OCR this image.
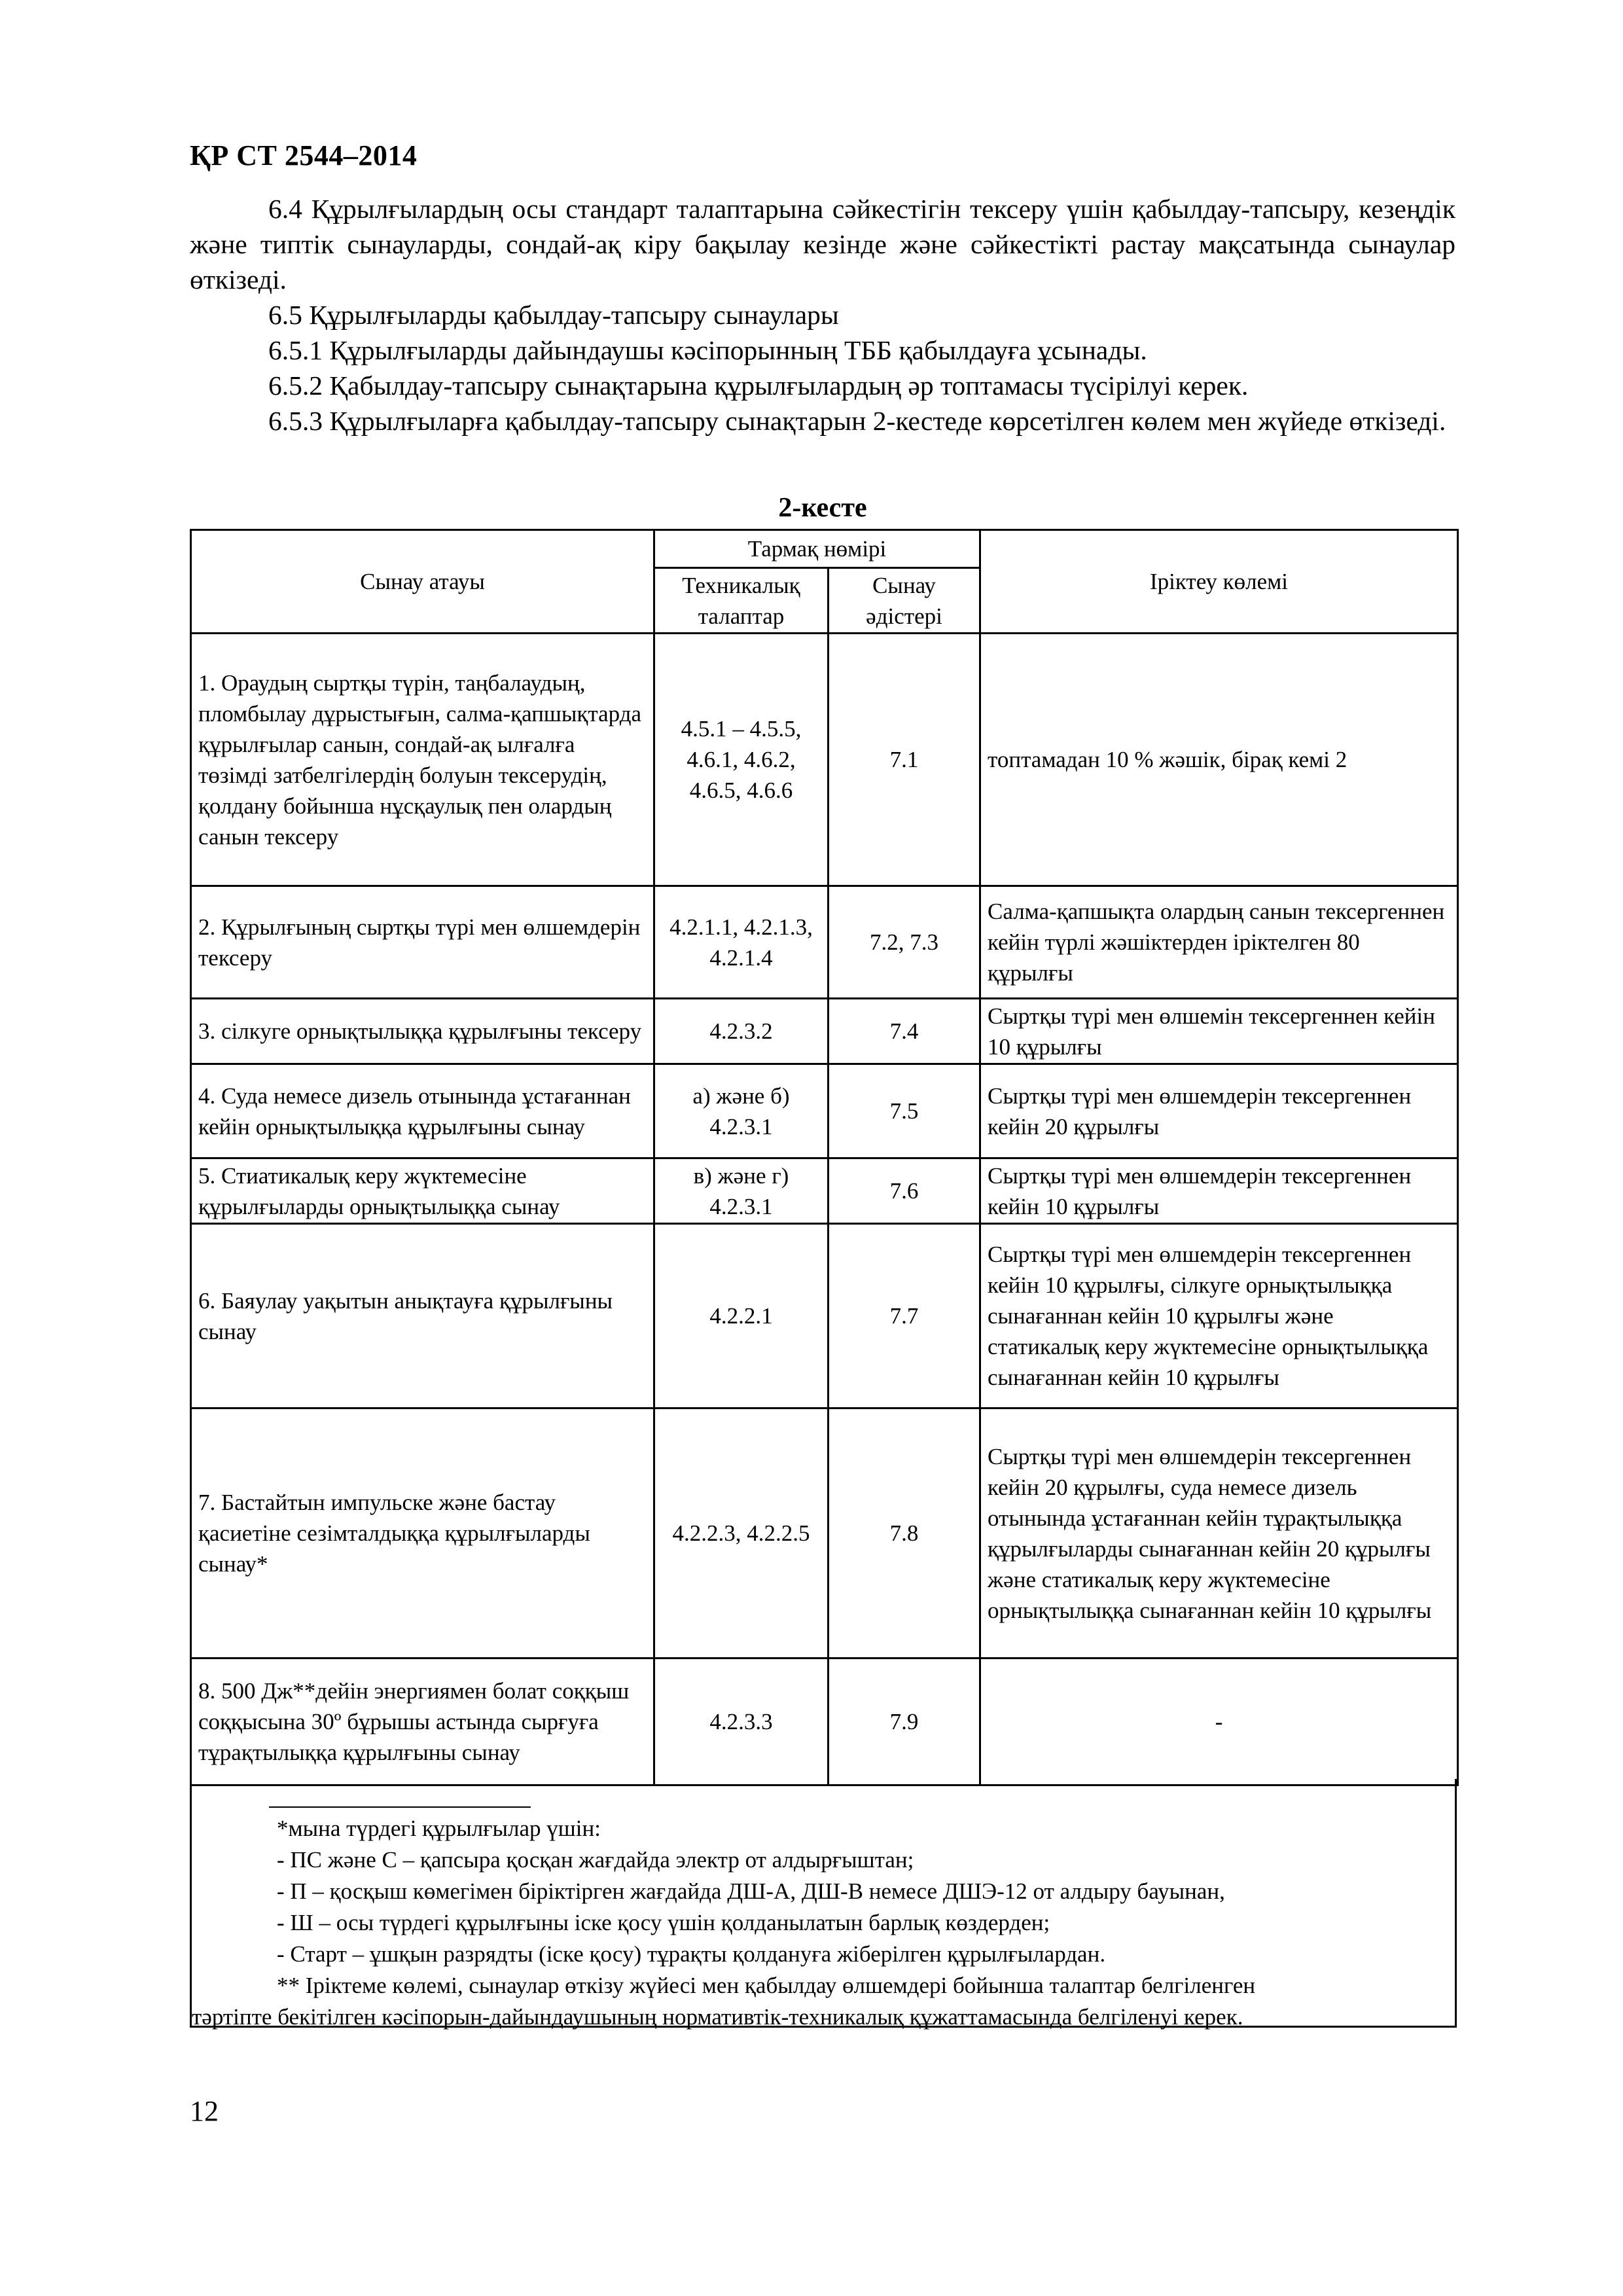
ҚР СТ 2544–2014

6.4 Құрылғылардың осы стандарт талаптарына сәйкестігін тексеру үшін қабылдау-тапсыру, кезеңдік және типтік сынауларды, сондай-ақ кіру бақылау кезінде және сәйкестікті растау мақсатында сынаулар өткізеді.

6.5 Құрылғыларды қабылдау-тапсыру сынаулары

6.5.1 Құрылғыларды дайындаушы кәсіпорынның ТББ қабылдауға ұсынады.

6.5.2 Қабылдау-тапсыру сынақтарына құрылғылардың әр топтамасы түсірілуі керек.

6.5.3 Құрылғыларға қабылдау-тапсыру сынақтарын 2-кестеде көрсетілген көлем мен жүйеде өткізеді.

2-кесте
Сынау атауы	Тармақ нөмірі		Іріктеу көлемі
	Техникалық талаптар	Сынау әдістері	
1. Ораудың сыртқы түрін, таңбалаудың, пломбылау дұрыстығын, салма-қапшықтарда құрылғылар санын, сондай-ақ ылғалға төзімді затбелгілердің болуын тексерудің, қолдану бойынша нұсқаулық пен олардың санын тексеру	4.5.1 – 4.5.5, 4.6.1, 4.6.2, 4.6.5, 4.6.6	7.1	топтамадан 10 % жәшік, бірақ кемі 2
2. Құрылғының сыртқы түрі мен өлшемдерін тексеру	4.2.1.1, 4.2.1.3, 4.2.1.4	7.2, 7.3	Салма-қапшықта олардың санын тексергеннен кейін түрлі жәшіктерден іріктелген 80 құрылғы
3. сілкуге орнықтылыққа құрылғыны тексеру	4.2.3.2	7.4	Сыртқы түрі мен өлшемін тексергеннен кейін 10 құрылғы
4. Суда немесе дизель отынында ұстағаннан кейін орнықтылыққа құрылғыны сынау	а) және б) 4.2.3.1	7.5	Сыртқы түрі мен өлшемдерін тексергеннен кейін 20 құрылғы
5. Стиатикалық керу жүктемесіне құрылғыларды орнықтылыққа сынау	в) және г) 4.2.3.1	7.6	Сыртқы түрі мен өлшемдерін тексергеннен кейін 10 құрылғы
6. Баяулау уақытын анықтауға құрылғыны сынау	4.2.2.1	7.7	Сыртқы түрі мен өлшемдерін тексергеннен кейін 10 құрылғы, сілкуге орнықтылыққа сынағаннан кейін 10 құрылғы және статикалық керу жүктемесіне орнықтылыққа сынағаннан кейін 10 құрылғы
7. Бастайтын импульске және бастау қасиетіне сезімталдыққа құрылғыларды сынау*	4.2.2.3, 4.2.2.5	7.8	Сыртқы түрі мен өлшемдерін тексергеннен кейін 20 құрылғы, суда немесе дизель отынында ұстағаннан кейін тұрақтылыққа құрылғыларды сынағаннан кейін 20 құрылғы және статикалық керу жүктемесіне орнықтылыққа сынағаннан кейін 10 құрылғы
8. 500 Дж**дейін энергиямен болат соққыш соққысына 30º бұрышы астында сырғуға тұрақтылыққа құрылғыны сынау	4.2.3.3	7.9	-
*мына түрдегі құрылғылар үшін:
- ПС және С – қапсыра қосқан жағдайда электр от алдырғыштан;
- П – қосқыш көмегімен біріктірген жағдайда ДШ-А, ДШ-В немесе ДШЭ-12 от алдыру бауынан,
- Ш – осы түрдегі құрылғыны іске қосу үшін қолданылатын барлық көздерден;
- Старт – ұшқын разрядты (іске қосу) тұрақты қолдануға жіберілген құрылғылардан.
** Іріктеме көлемі, сынаулар өткізу жүйесі мен қабылдау өлшемдері бойынша талаптар белгіленген
тәртіпте бекітілген кәсіпорын-дайындаушының нормативтік-техникалық құжаттамасында белгіленуі керек.
12
